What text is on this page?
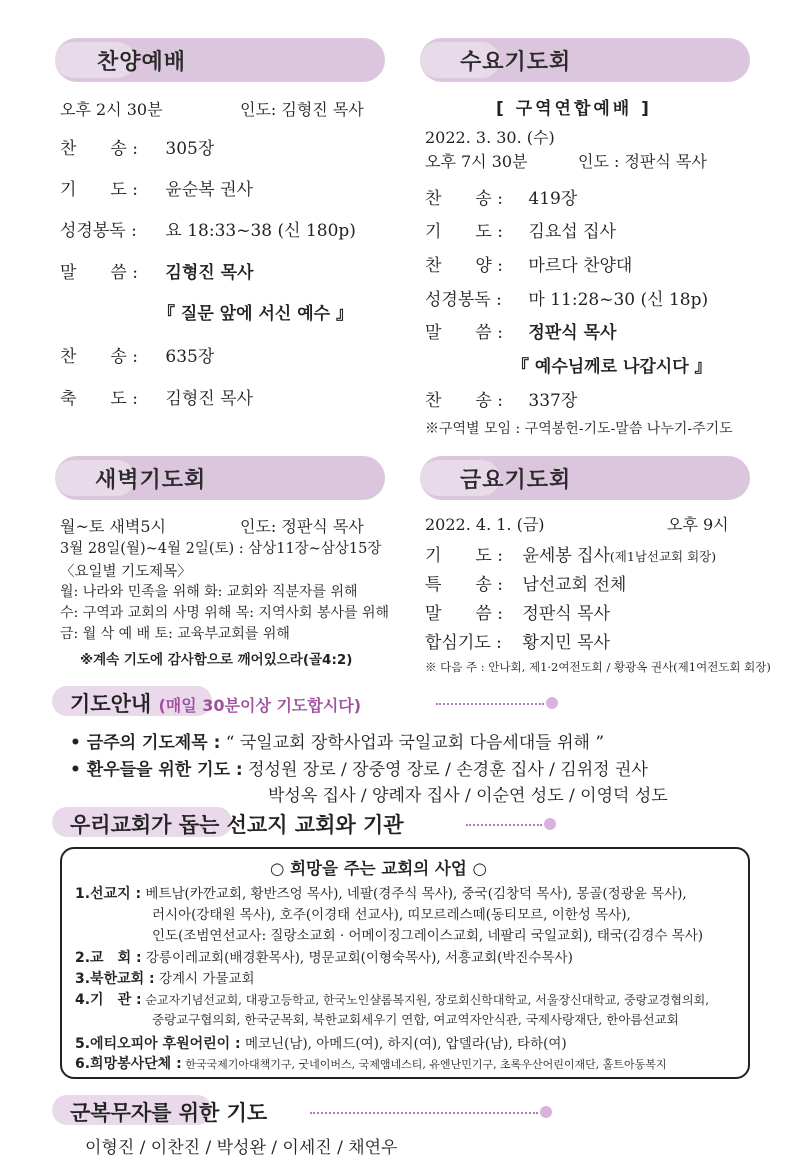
찬양예배
오후 2시 30분	인도: 김형진 목사
찬　　송 : 305장
기　　도 : 윤순복 권사
성경봉독 : 요 18:33~38 (신 180p)
말　　씀 : 김형진 목사
『 질문 앞에 서신 예수 』
찬　　송 : 635장
축　　도 : 김형진 목사
수요기도회
[ 구역연합예배 ]
2022. 3. 30. (수)
오후 7시 30분	인도 : 정판식 목사
찬　　송 : 419장
기　　도 : 김요섭 집사
찬　　양 : 마르다 찬양대
성경봉독 : 마 11:28~30 (신 18p)
말　　씀 : 정판식 목사
『 예수님께로 나갑시다 』
찬　　송 : 337장
※구역별 모임 : 구역봉헌-기도-말씀 나누기-주기도
새벽기도회
월~토 새벽5시	인도: 정판식 목사
3월 28일(월)~4월 2일(토) : 삼상11장~삼상15장
〈요일별 기도제목〉
월: 나라와 민족을 위해 화: 교회와 직분자를 위해
수: 구역과 교회의 사명 위해 목: 지역사회 봉사를 위해
금: 월 삭 예 배 토: 교육부교회를 위해
※계속 기도에 감사함으로 깨어있으라(골4:2)
금요기도회
2022. 4. 1. (금)	오후 9시
기　　도 : 윤세봉 집사(제1남선교회 회장)
특　　송 : 남선교회 전체
말　　씀 : 정판식 목사
합심기도 : 황지민 목사
※ 다음 주 : 안나회, 제1·2여전도회 / 황광옥 권사(제1여전도회 회장)
기도안내 (매일 30분이상 기도합시다)
• 금주의 기도제목 : “ 국일교회 장학사업과 국일교회 다음세대들 위해 ”
• 환우들을 위한 기도 : 정성원 장로 / 장중영 장로 / 손경훈 집사 / 김위정 권사
박성옥 집사 / 양례자 집사 / 이순연 성도 / 이영덕 성도
우리교회가 돕는 선교지 교회와 기관
○ 희망을 주는 교회의 사업 ○
1.선교지 : 베트남(카깐교회, 황반즈엉 목사), 네팔(경주식 목사), 중국(김창덕 목사), 몽골(정광윤 목사),
러시아(강태원 목사), 호주(이경태 선교사), 띠모르레스떼(동티모르, 이한성 목사),
인도(조범연선교사: 질랑소교회 · 어메이징그레이스교회, 네팔리 국일교회), 태국(김경수 목사)
2.교　회 : 강릉이레교회(배경환목사), 명문교회(이형숙목사), 서흥교회(박진수목사)
3.북한교회 : 강계시 가물교회
4.기　관 : 순교자기념선교회, 대광고등학교, 한국노인샬롬복지원, 장로회신학대학교, 서울장신대학교, 중랑교경협의회,
중랑교구협의회, 한국군목회, 북한교회세우기 연합, 여교역자안식관, 국제사랑재단, 한아름선교회
5.에티오피아 후원어린이 : 메코닌(남), 아메드(여), 하지(여), 압델라(남), 타하(여)
6.희망봉사단체 : 한국국제기아대책기구, 굿네이버스, 국제앰네스티, 유엔난민기구, 초록우산어린이재단, 홀트아동복지
군복무자를 위한 기도
이형진 / 이찬진 / 박성완 / 이세진 / 채연우
